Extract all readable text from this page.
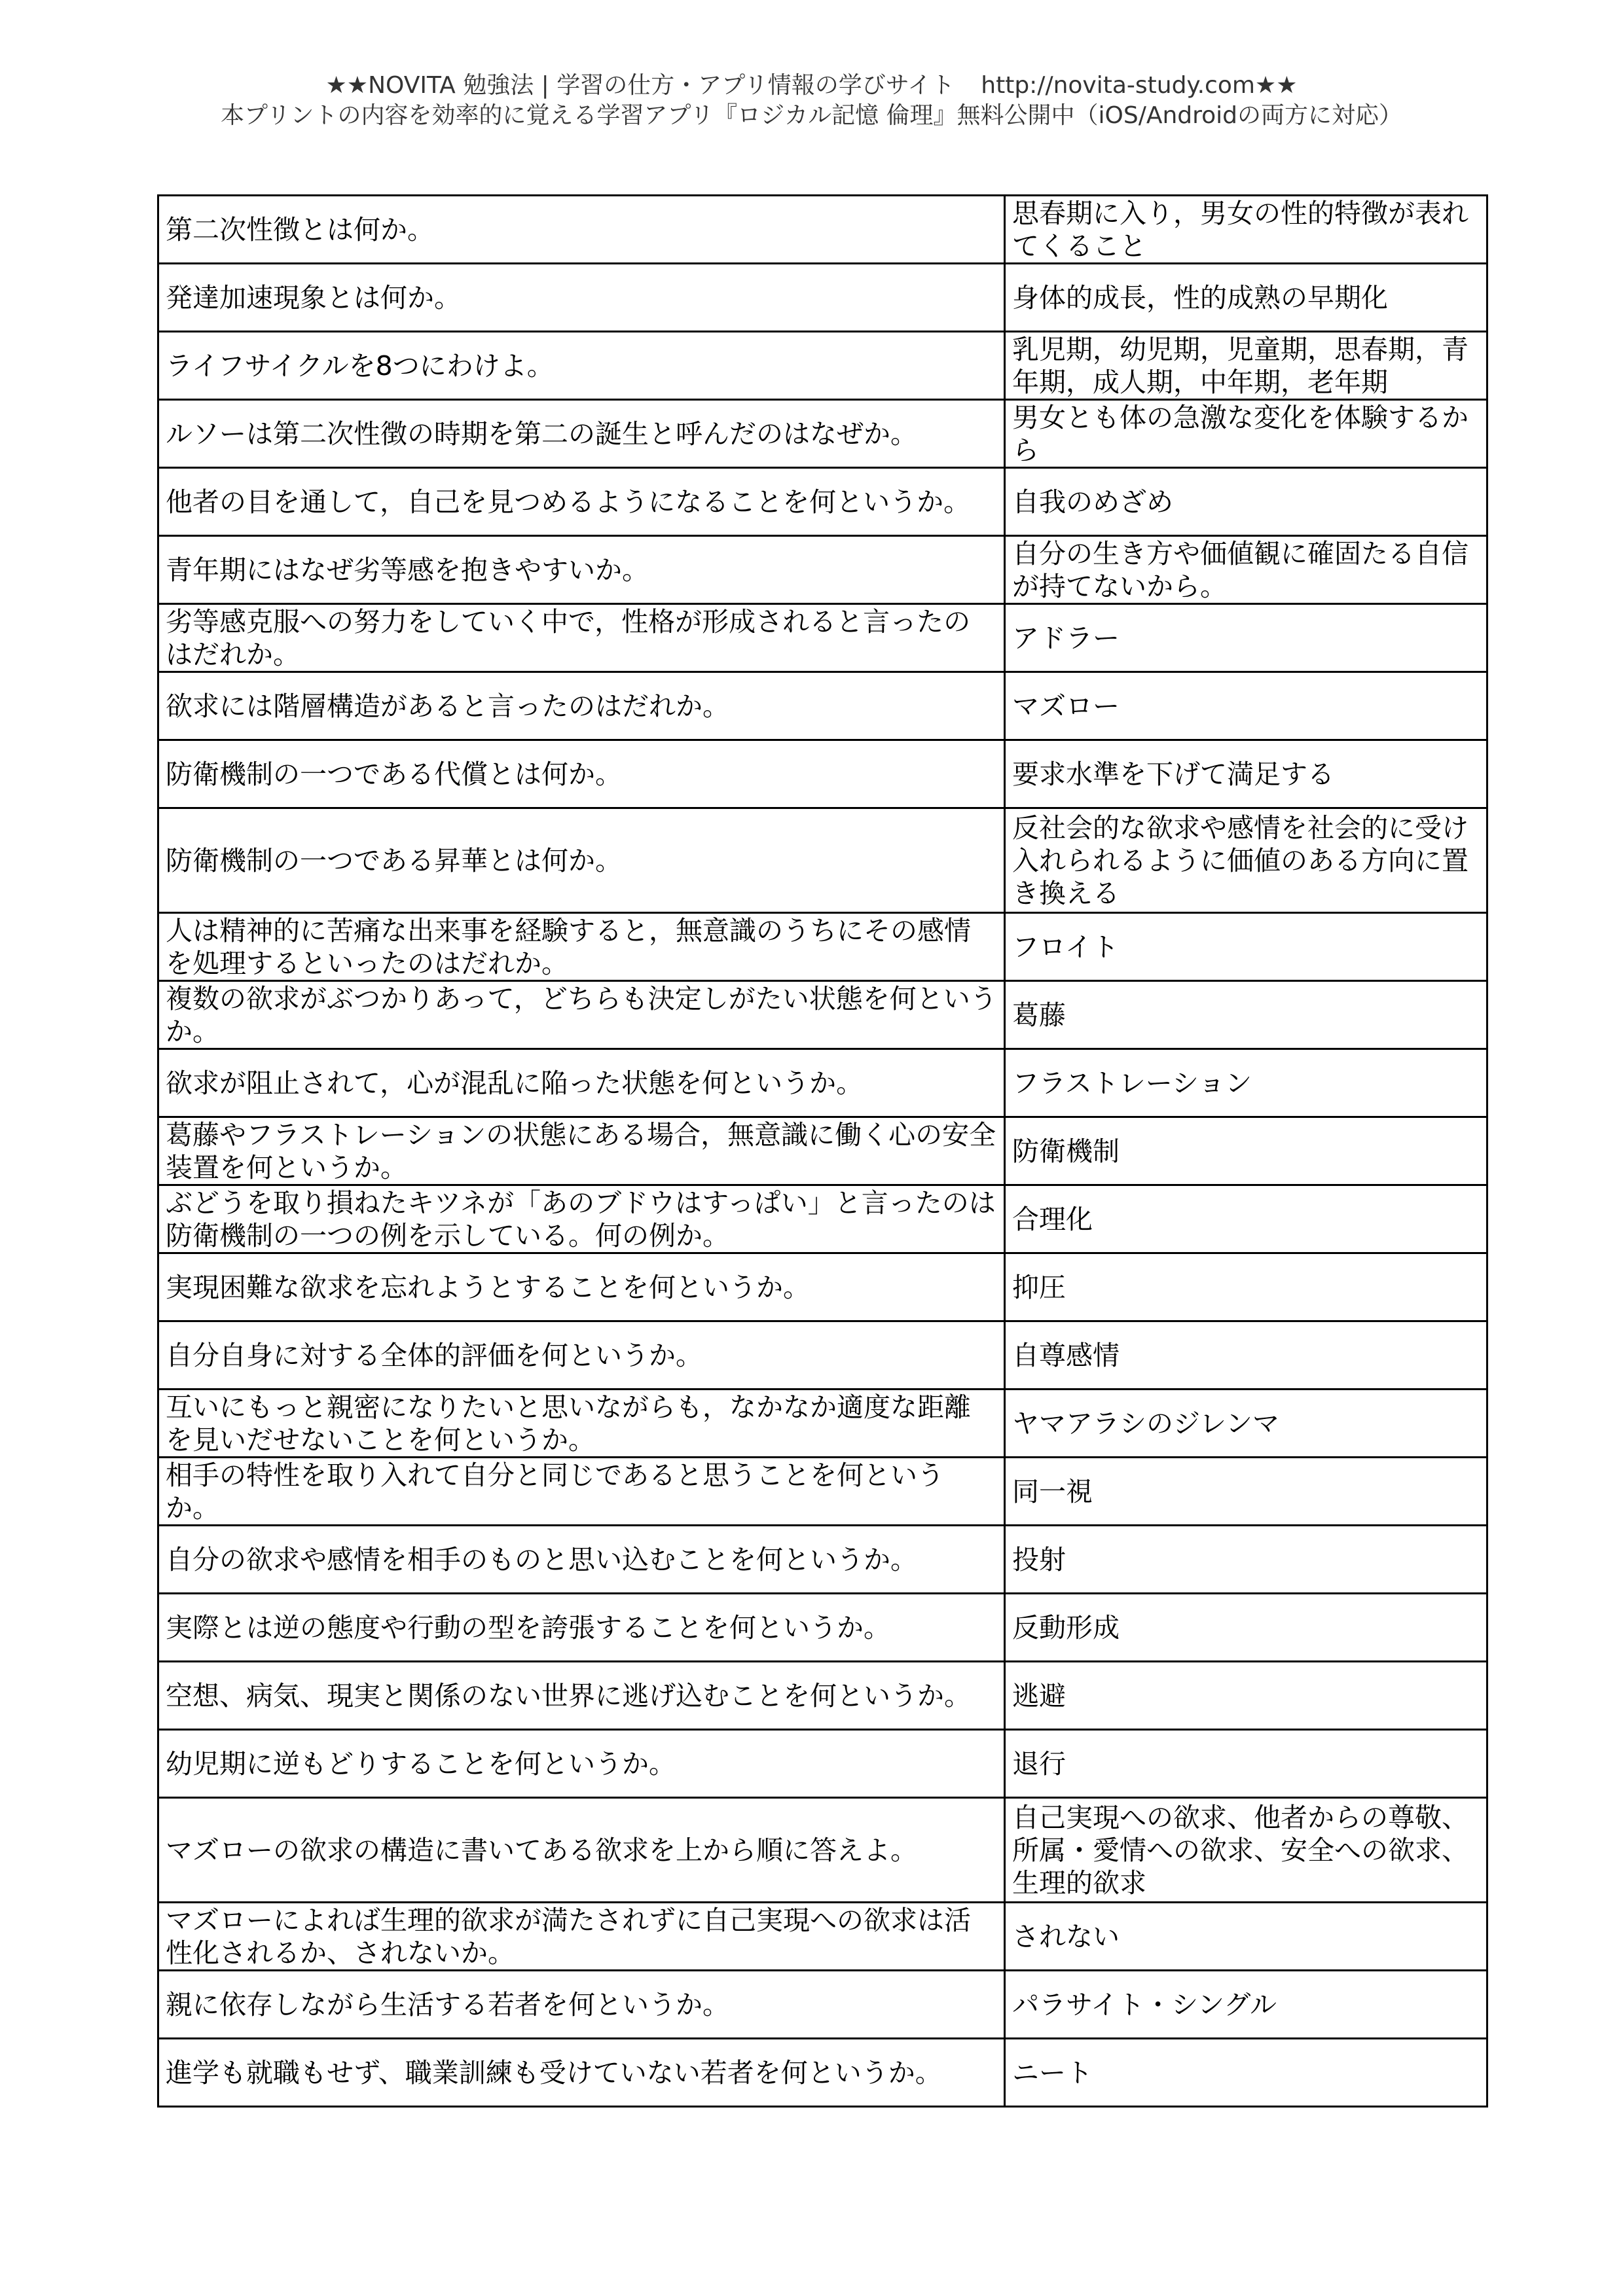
★★NOVITA 勉強法 | 学習の仕方・アプリ情報の学びサイト http://novita-study.com★★
本プリントの内容を効率的に覚える学習アプリ『ロジカル記憶 倫理』無料公開中（iOS/Androidの両方に対応）
第二次性徴とは何か。	思春期に入り，男女の性的特徴が表れてくること

発達加速現象とは何か。	身体的成長，性的成熟の早期化

ライフサイクルを8つにわけよ。	乳児期，幼児期，児童期，思春期，青年期，成人期，中年期，老年期

ルソーは第二次性徴の時期を第二の誕生と呼んだのはなぜか。	男女とも体の急激な変化を体験するから

他者の目を通して，自己を見つめるようになることを何というか。	自我のめざめ

青年期にはなぜ劣等感を抱きやすいか。	自分の生き方や価値観に確固たる自信が持てないから。

劣等感克服への努力をしていく中で，性格が形成されると言ったのはだれか。	アドラー

欲求には階層構造があると言ったのはだれか。	マズロー

防衛機制の一つである代償とは何か。	要求水準を下げて満足する

防衛機制の一つである昇華とは何か。	反社会的な欲求や感情を社会的に受け入れられるように価値のある方向に置き換える

人は精神的に苦痛な出来事を経験すると，無意識のうちにその感情を処理するといったのはだれか。	フロイト

複数の欲求がぶつかりあって，どちらも決定しがたい状態を何というか。	葛藤

欲求が阻止されて，心が混乱に陥った状態を何というか。	フラストレーション

葛藤やフラストレーションの状態にある場合，無意識に働く心の安全装置を何というか。	防衛機制

ぶどうを取り損ねたキツネが「あのブドウはすっぱい」と言ったのは防衛機制の一つの例を示している。何の例か。	合理化

実現困難な欲求を忘れようとすることを何というか。	抑圧

自分自身に対する全体的評価を何というか。	自尊感情

互いにもっと親密になりたいと思いながらも，なかなか適度な距離を見いだせないことを何というか。	ヤマアラシのジレンマ

相手の特性を取り入れて自分と同じであると思うことを何というか。	同一視

自分の欲求や感情を相手のものと思い込むことを何というか。	投射

実際とは逆の態度や行動の型を誇張することを何というか。	反動形成

空想、病気、現実と関係のない世界に逃げ込むことを何というか。	逃避

幼児期に逆もどりすることを何というか。	退行

マズローの欲求の構造に書いてある欲求を上から順に答えよ。	自己実現への欲求、他者からの尊敬、所属・愛情への欲求、安全への欲求、生理的欲求

マズローによれば生理的欲求が満たされずに自己実現への欲求は活性化されるか、されないか。	されない

親に依存しながら生活する若者を何というか。	パラサイト・シングル

進学も就職もせず、職業訓練も受けていない若者を何というか。	ニート
